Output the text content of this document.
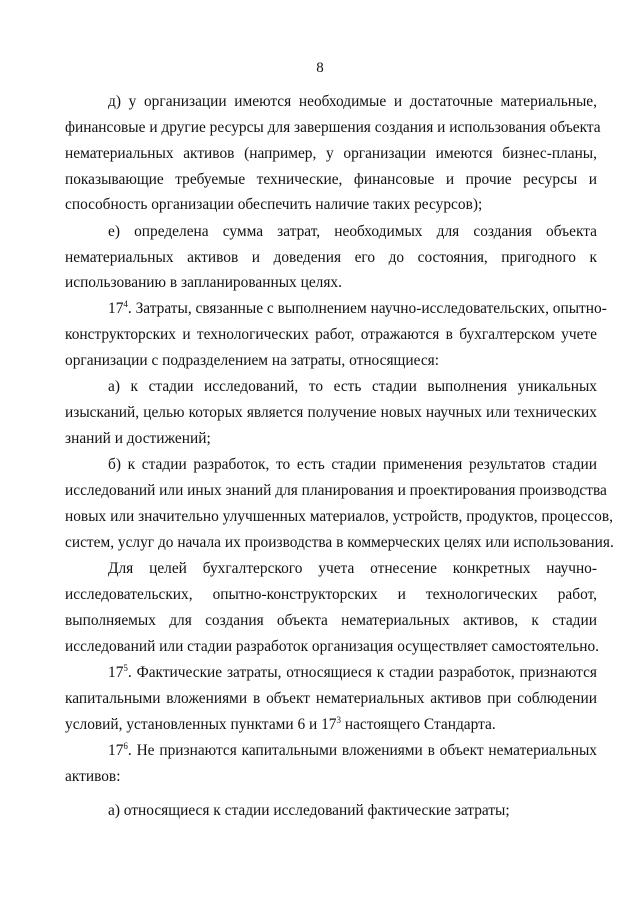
8
д) у организации имеются необходимые и достаточные материальные,
финансовые и другие ресурсы для завершения создания и использования объекта
нематериальных активов (например, у организации имеются бизнес-планы,
показывающие требуемые технические, финансовые и прочие ресурсы и
способность организации обеспечить наличие таких ресурсов);
е) определена сумма затрат, необходимых для создания объекта
нематериальных активов и доведения его до состояния, пригодного к
использованию в запланированных целях.
$17^4$. Затраты, связанные с выполнением научно-исследовательских, опытно-
конструкторских и технологических работ, отражаются в бухгалтерском учете
организации с подразделением на затраты, относящиеся:
а) к стадии исследований, то есть стадии выполнения уникальных
изысканий, целью которых является получение новых научных или технических
знаний и достижений;
б) к стадии разработок, то есть стадии применения результатов стадии
исследований или иных знаний для планирования и проектирования производства
новых или значительно улучшенных материалов, устройств, продуктов, процессов,
систем, услуг до начала их производства в коммерческих целях или использования.
Для целей бухгалтерского учета отнесение конкретных научно-
исследовательских, опытно-конструкторских и технологических работ,
выполняемых для создания объекта нематериальных активов, к стадии
исследований или стадии разработок организация осуществляет самостоятельно.
$17^5$. Фактические затраты, относящиеся к стадии разработок, признаются
капитальными вложениями в объект нематериальных активов при соблюдении
условий, установленных пунктами 6 и $17^3$ настоящего Стандарта.
$17^6$. Не признаются капитальными вложениями в объект нематериальных
активов:
а) относящиеся к стадии исследований фактические затраты;
